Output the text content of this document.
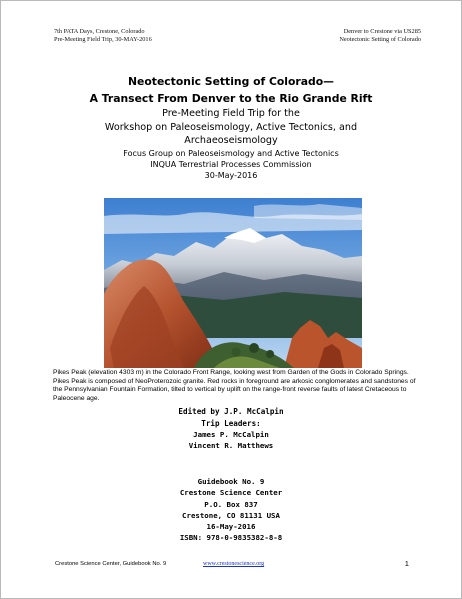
7th PATA Days, Crestone, Colorado
Pre-Meeting Field Trip, 30-MAY-2016
Denver to Crestone via US285
Neotectonic Setting of Colorado
Neotectonic Setting of Colorado—
A Transect From Denver to the Rio Grande Rift
Pre-Meeting Field Trip for the
Workshop on Paleoseismology, Active Tectonics, and
Archaeoseismology
Focus Group on Paleoseismology and Active Tectonics
INQUA Terrestrial Processes Commission
30-May-2016
Pikes Peak (elevation 4303 m) in the Colorado Front Range, looking west from Garden of the Gods in Colorado Springs. Pikes Peak is composed of NeoProterozoic granite. Red rocks in foreground are arkosic conglomerates and sandstones of the Pennsylvanian Fountain Formation, tilted to vertical by uplift on the range-front reverse faults of latest Cretaceous to Paleocene age.
Edited by J.P. McCalpin
Trip Leaders:
James P. McCalpin
Vincent R. Matthews
Guidebook No. 9
Crestone Science Center
P.O. Box 837
Crestone, CO 81131 USA
16-May-2016
ISBN: 978-0-9835382-8-8
Crestone Science Center, Guidebook No. 9	www.crestonescience.org	1
